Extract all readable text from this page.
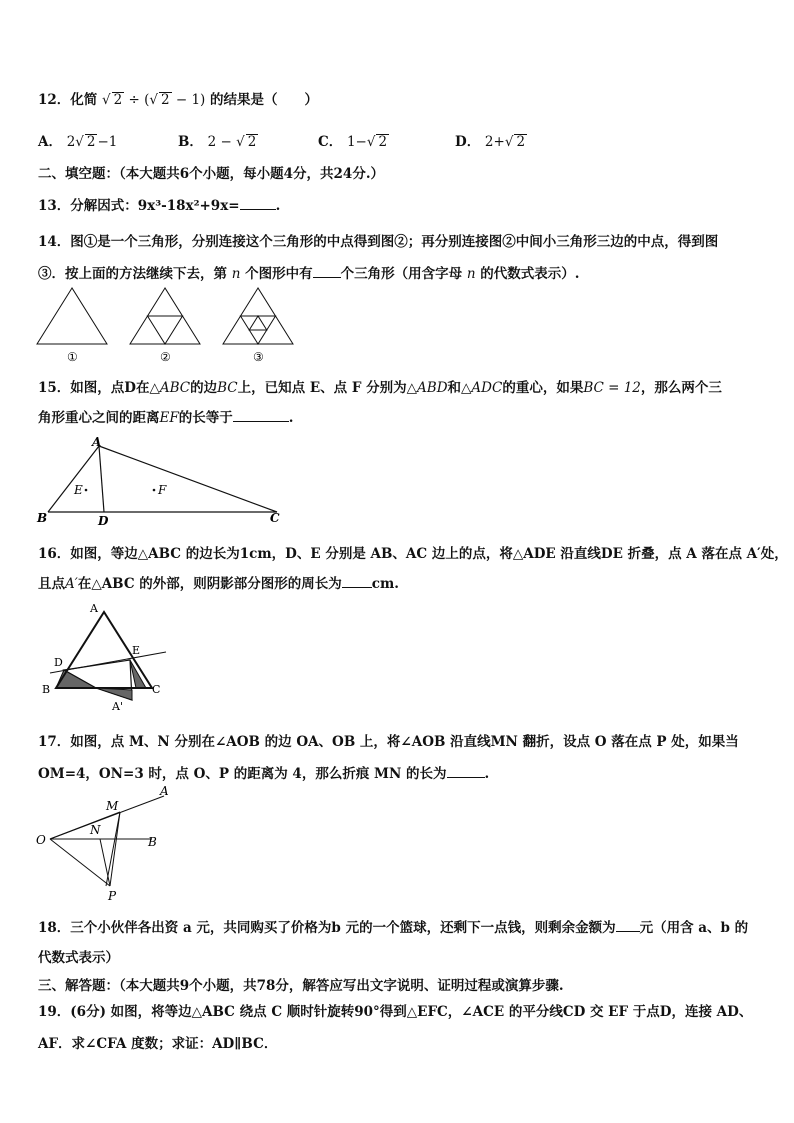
12．化简 √ 2 ÷ (√ 2 − 1) 的结果是（　　）
A． 2√ 2 −1	B． 2 − √ 2	C． 1−√ 2	D． 2+√ 2
二、填空题：（本大题共6个小题，每小题4分，共24分.）
13．分解因式：9x³-18x²+9x=	.
14．图①是一个三角形，分别连接这个三角形的中点得到图②；再分别连接图②中间小三角形三边的中点，得到图
③．按上面的方法继续下去，第 n 个图形中有 个三角形（用含字母 n 的代数式表示）.
①	②	③
15．如图，点D在△ABC的边BC上，已知点 E、点 F 分别为△ABD和△ADC的重心，如果BC = 12，那么两个三
角形重心之间的距离EF的长等于	.
A
B	C
D
E	F
16．如图，等边△ABC 的边长为1cm，D、E 分别是 AB、AC 边上的点，将△ADE 沿直线DE 折叠，点 A 落在点 A′处，
且点A′在△ABC 的外部，则阴影部分图形的周长为 cm.
A
B	C
D
E
A'
17．如图，点 M、N 分别在∠AOB 的边 OA、OB 上，将∠AOB 沿直线MN 翻折，设点 O 落在点 P 处，如果当
OM=4，ON=3 时，点 O、P 的距离为 4，那么折痕 MN 的长为	.
O
A
B
M
N
P
18．三个小伙伴各出资 a 元，共同购买了价格为b 元的一个篮球，还剩下一点钱，则剩余金额为 元（用含 a、b 的
代数式表示）
三、解答题：（本大题共9个小题，共78分，解答应写出文字说明、证明过程或演算步骤.
19．(6分) 如图，将等边△ABC 绕点 C 顺时针旋转90°得到△EFC，∠ACE 的平分线CD 交 EF 于点D，连接 AD、
AF．求∠CFA 度数；求证：AD∥BC．
